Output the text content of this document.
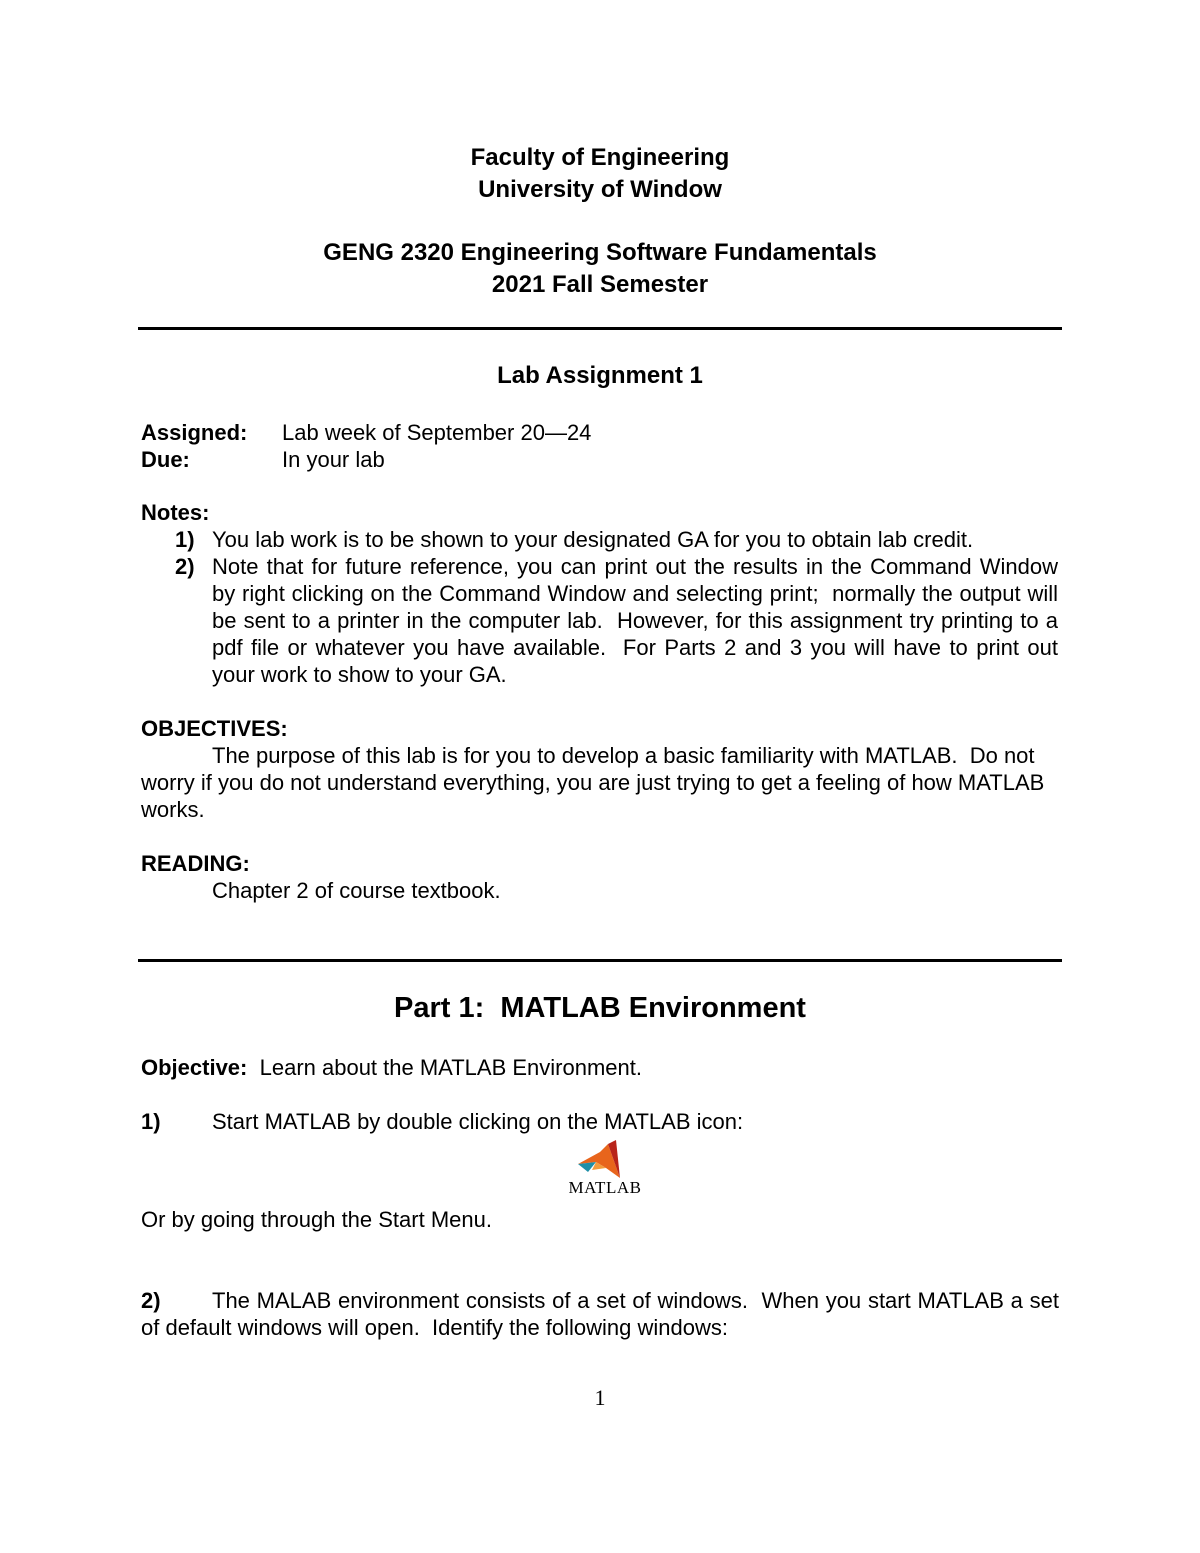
Faculty of Engineering
University of Window
GENG 2320 Engineering Software Fundamentals
2021 Fall Semester
Lab Assignment 1
Assigned: Lab week of September 20—24
Due:	In your lab
Notes:
1) You lab work is to be shown to your designated GA for you to obtain lab credit.
2) Note that for future reference, you can print out the results in the Command Window by right clicking on the Command Window and selecting print;  normally the output will be sent to a printer in the computer lab.  However, for this assignment try printing to a pdf file or whatever you have available.  For Parts 2 and 3 you will have to print out your work to show to your GA.
OBJECTIVES:
The purpose of this lab is for you to develop a basic familiarity with MATLAB.  Do not worry if you do not understand everything, you are just trying to get a feeling of how MATLAB works.
READING:
Chapter 2 of course textbook.
Part 1:  MATLAB Environment
Objective: Learn about the MATLAB Environment.
1) Start MATLAB by double clicking on the MATLAB icon:
MATLAB
Or by going through the Start Menu.
2)	The MALAB environment consists of a set of windows.  When you start MATLAB a set of default windows will open.  Identify the following windows:
1
